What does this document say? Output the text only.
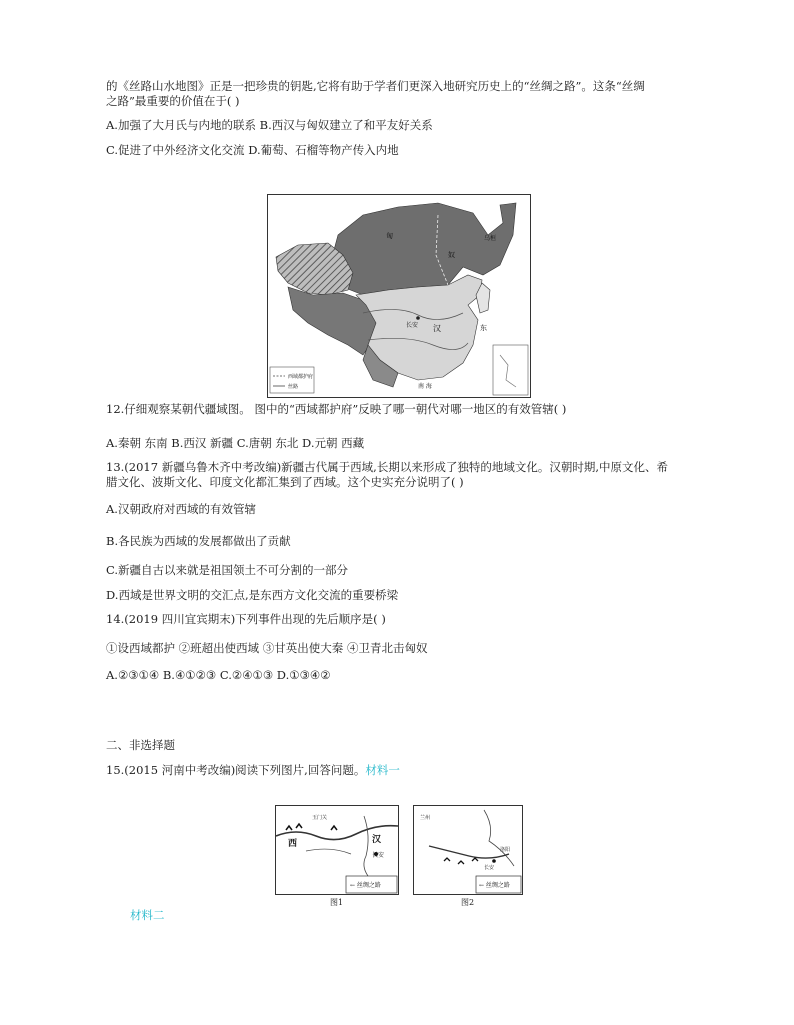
的《丝路山水地图》正是一把珍贵的钥匙,它将有助于学者们更深入地研究历史上的“丝绸之路”。这条“丝绸
之路”最重要的价值在于( )
A.加强了大月氏与内地的联系 B.西汉与匈奴建立了和平友好关系
C.促进了中外经济文化交流 D.葡萄、石榴等物产传入内地
匈
奴
乌桓
长安 汉	东
南 海
西域都护府
丝路
12.仔细观察某朝代疆域图。 图中的“西域都护府”反映了哪一朝代对哪一地区的有效管辖( )
A.秦朝 东南 B.西汉 新疆 C.唐朝 东北 D.元朝 西藏
13.(2017 新疆乌鲁木齐中考改编)新疆古代属于西域,长期以来形成了独特的地域文化。汉朝时期,中原文化、希
腊文化、波斯文化、印度文化都汇集到了西域。这个史实充分说明了( )
A.汉朝政府对西域的有效管辖
B.各民族为西域的发展都做出了贡献
C.新疆自古以来就是祖国领土不可分割的一部分
D.西域是世界文明的交汇点,是东西方文化交流的重要桥梁
14.(2019 四川宜宾期末)下列事件出现的先后顺序是( )
①设西域都护 ②班超出使西域 ③甘英出使大秦 ④卫青北击匈奴
A.②③①④ B.④①②③ C.②④①③ D.①③④②
二、非选择题
15.(2015 河南中考改编)阅读下列图片,回答问题。材料一
西	汉
长安
玉门关
← 丝绸之路
图1
兰州
长安
洛阳
← 丝绸之路
图2
材料二
